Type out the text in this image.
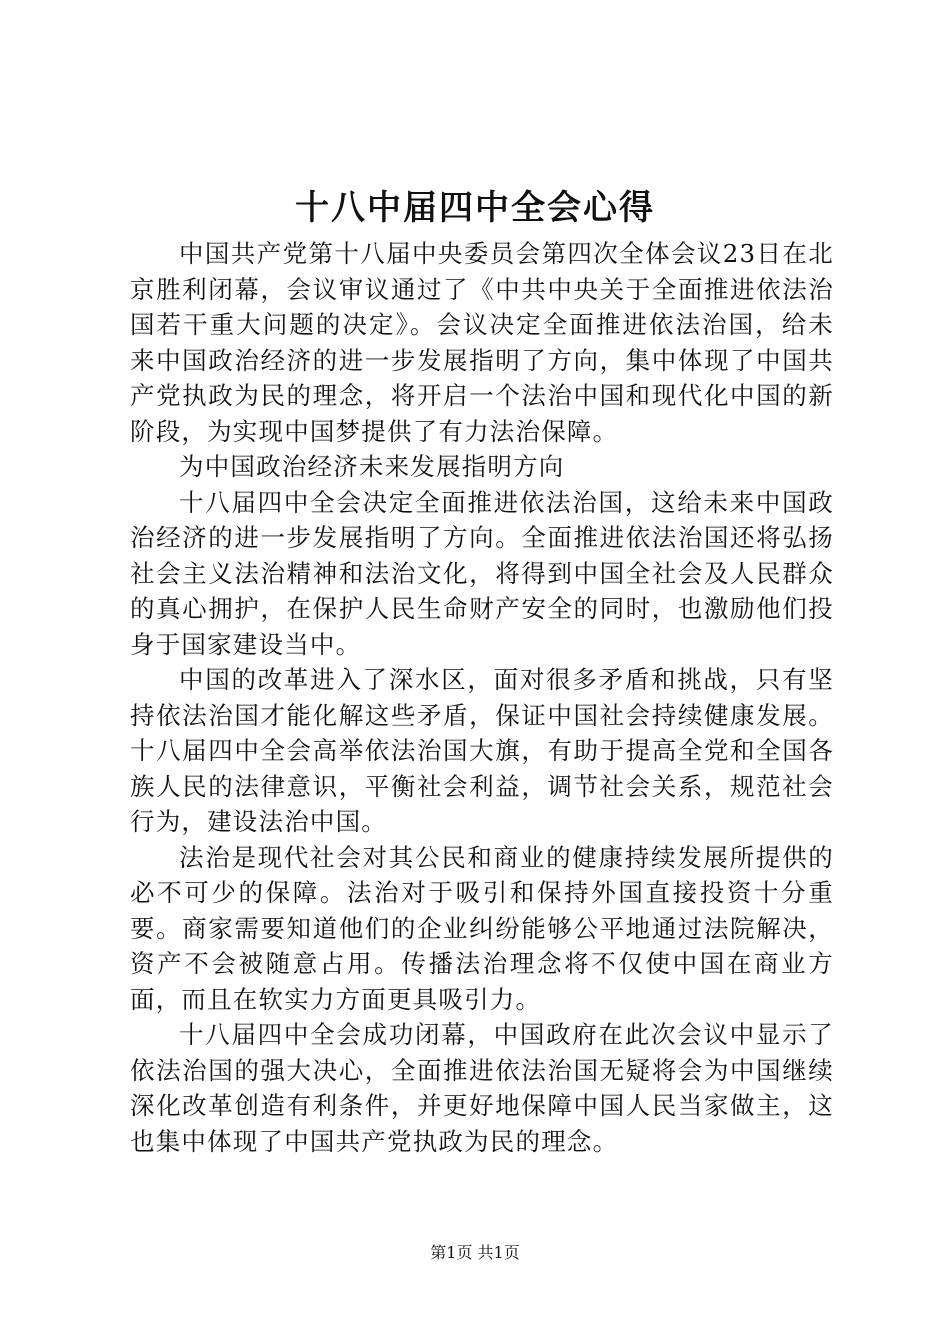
十八中届四中全会心得

中国共产党第十八届中央委员会第四次全体会议23日在北京胜利闭幕，会议审议通过了《中共中央关于全面推进依法治国若干重大问题的决定》。会议决定全面推进依法治国，给未来中国政治经济的进一步发展指明了方向，集中体现了中国共产党执政为民的理念，将开启一个法治中国和现代化中国的新阶段，为实现中国梦提供了有力法治保障。

为中国政治经济未来发展指明方向

十八届四中全会决定全面推进依法治国，这给未来中国政治经济的进一步发展指明了方向。全面推进依法治国还将弘扬社会主义法治精神和法治文化，将得到中国全社会及人民群众的真心拥护，在保护人民生命财产安全的同时，也激励他们投身于国家建设当中。

中国的改革进入了深水区，面对很多矛盾和挑战，只有坚持依法治国才能化解这些矛盾，保证中国社会持续健康发展。十八届四中全会高举依法治国大旗，有助于提高全党和全国各族人民的法律意识，平衡社会利益，调节社会关系，规范社会行为，建设法治中国。

法治是现代社会对其公民和商业的健康持续发展所提供的必不可少的保障。法治对于吸引和保持外国直接投资十分重要。商家需要知道他们的企业纠纷能够公平地通过法院解决，资产不会被随意占用。传播法治理念将不仅使中国在商业方面，而且在软实力方面更具吸引力。

十八届四中全会成功闭幕，中国政府在此次会议中显示了依法治国的强大决心，全面推进依法治国无疑将会为中国继续深化改革创造有利条件，并更好地保障中国人民当家做主，这也集中体现了中国共产党执政为民的理念。

第1页 共1页
